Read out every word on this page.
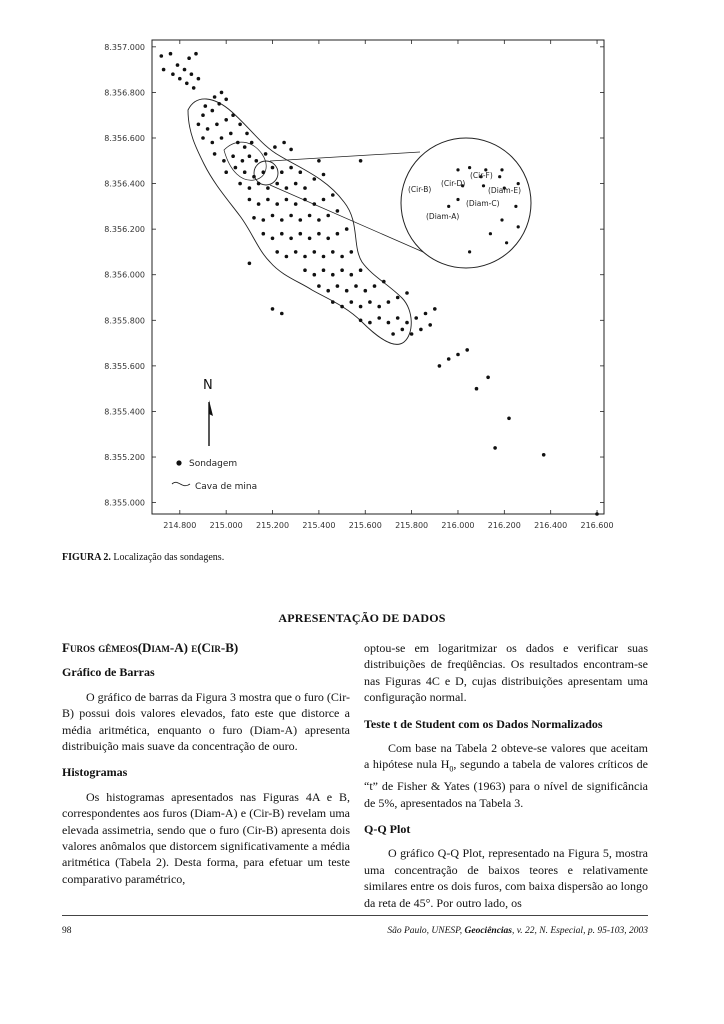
8.357.000
8.356.800
8.356.600
8.356.400
8.356.200
8.356.000
8.355.800
8.355.600
8.355.400
8.355.200
8.355.000
214.800 215.000 215.200 215.400 215.600 215.800 216.000 216.200 216.400 216.600
(Cir-F)
(Cir-D)
(Cir-B)	(Diam-E)
(Diam-C)
(Diam-A)
N
Sondagem
Cava de mina
FIGURA 2. Localização das sondagens.
APRESENTAÇÃO DE DADOS
Furos gêmeos(Diam-A) e(Cir-B)
Gráfico de Barras

O gráfico de barras da Figura 3 mostra que o furo (Cir-B) possui dois valores elevados, fato este que distorce a média aritmética, enquanto o furo (Diam-A) apresenta distribuição mais suave da concentração de ouro.

Histogramas

Os histogramas apresentados nas Figuras 4A e B, correspondentes aos furos (Diam-A) e (Cir-B) revelam uma elevada assimetria, sendo que o furo (Cir-B) apresenta dois valores anômalos que distorcem significativamente a média aritmética (Tabela 2). Desta forma, para efetuar um teste comparativo paramétrico,

optou-se em logaritmizar os dados e verificar suas distribuições de freqüências. Os resultados encontram-se nas Figuras 4C e D, cujas distribuições apresentam uma configuração normal.

Teste t de Student com os Dados Normalizados

Com base na Tabela 2 obteve-se valores que aceitam a hipótese nula $H_0$, segundo a tabela de valores críticos de “t” de Fisher & Yates (1963) para o nível de significância de 5%, apresentados na Tabela 3.

Q-Q Plot

O gráfico Q-Q Plot, representado na Figura 5, mostra uma concentração de baixos teores e relativamente similares entre os dois furos, com baixa dispersão ao longo da reta de 45°. Por outro lado, os

98	São Paulo, UNESP, Geociências, v. 22, N. Especial, p. 95-103, 2003
